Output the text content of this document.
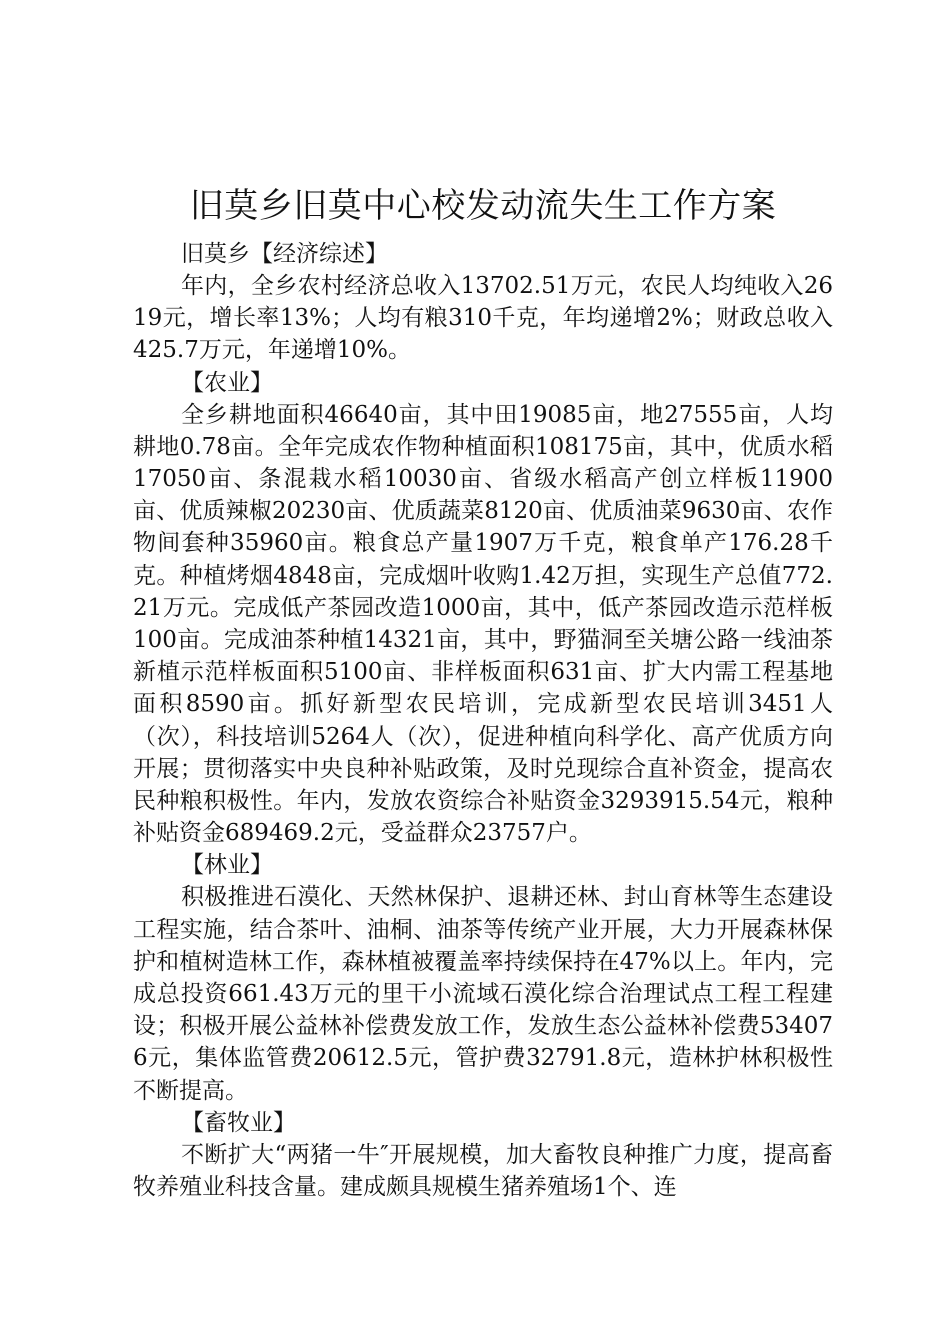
旧莫乡旧莫中心校发动流失生工作方案

旧莫乡【经济综述】

年内，全乡农村经济总收入13702.51万元，农民人均纯收入2619元，增长率13%；人均有粮310千克，年均递增2%；财政总收入425.7万元，年递增10%。

【农业】

全乡耕地面积46640亩，其中田19085亩，地27555亩，人均耕地0.78亩。全年完成农作物种植面积108175亩，其中，优质水稻17050亩、条混栽水稻10030亩、省级水稻高产创立样板11900亩、优质辣椒20230亩、优质蔬菜8120亩、优质油菜9630亩、农作物间套种35960亩。粮食总产量1907万千克，粮食单产176.28千克。种植烤烟4848亩，完成烟叶收购1.42万担，实现生产总值772.21万元。完成低产茶园改造1000亩，其中，低产茶园改造示范样板100亩。完成油茶种植14321亩，其中，野猫洞至关塘公路一线油茶新植示范样板面积5100亩、非样板面积631亩、扩大内需工程基地面积8590亩。抓好新型农民培训，完成新型农民培训3451人（次），科技培训5264人（次），促进种植向科学化、高产优质方向开展；贯彻落实中央良种补贴政策，及时兑现综合直补资金，提高农民种粮积极性。年内，发放农资综合补贴资金3293915.54元，粮种补贴资金689469.2元，受益群众23757户。

【林业】

积极推进石漠化、天然林保护、退耕还林、封山育林等生态建设工程实施，结合茶叶、油桐、油茶等传统产业开展，大力开展森林保护和植树造林工作，森林植被覆盖率持续保持在47%以上。年内，完成总投资661.43万元的里干小流域石漠化综合治理试点工程工程建设；积极开展公益林补偿费发放工作，发放生态公益林补偿费534076元，集体监管费20612.5元，管护费32791.8元，造林护林积极性不断提高。

【畜牧业】

不断扩大“两猪一牛″开展规模，加大畜牧良种推广力度，提高畜牧养殖业科技含量。建成颇具规模生猪养殖场1个、连
